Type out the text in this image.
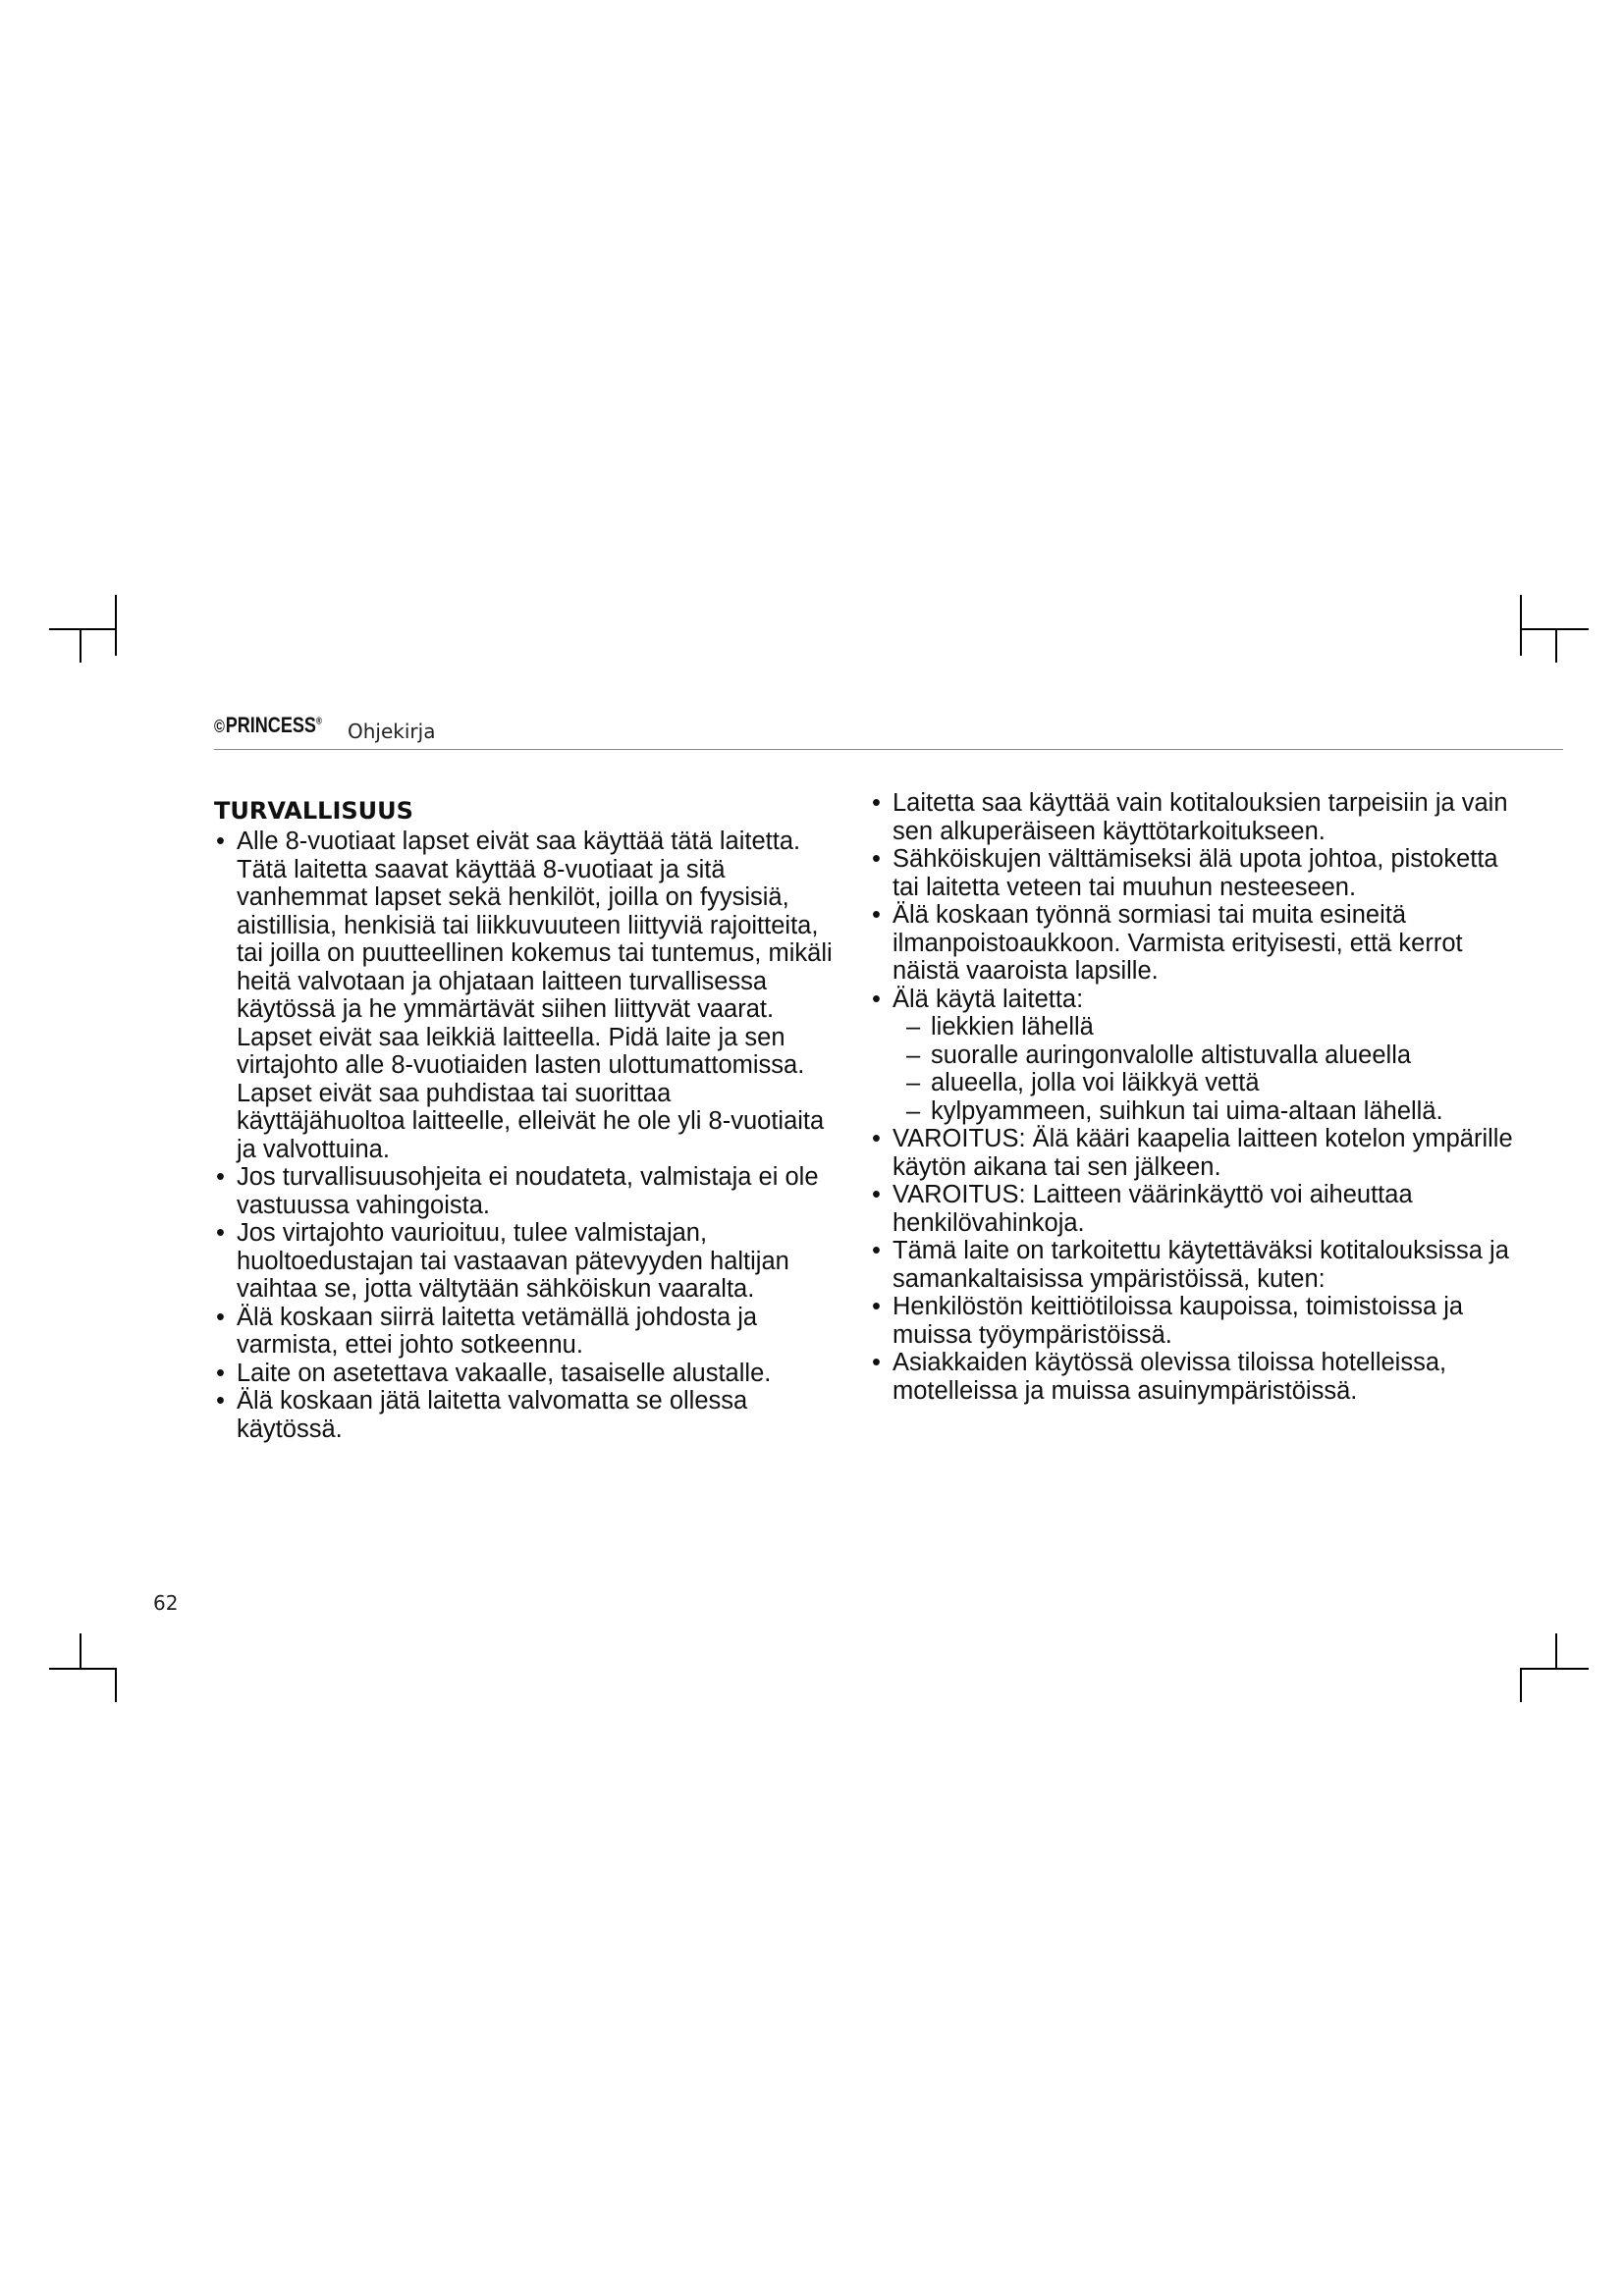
©PRINCESS® Ohjekirja
TURVALLISUUS
• Alle 8-vuotiaat lapset eivät saa käyttää tätä laitetta. Tätä laitetta saavat käyttää 8-vuotiaat ja sitä vanhemmat lapset sekä henkilöt, joilla on fyysisiä, aistillisia, henkisiä tai liikkuvuuteen liittyviä rajoitteita, tai joilla on puutteellinen kokemus tai tuntemus, mikäli heitä valvotaan ja ohjataan laitteen turvallisessa käytössä ja he ymmärtävät siihen liittyvät vaarat. Lapset eivät saa leikkiä laitteella. Pidä laite ja sen virtajohto alle 8-vuotiaiden lasten ulottumattomissa. Lapset eivät saa puhdistaa tai suorittaa käyttäjähuoltoa laitteelle, elleivät he ole yli 8-vuotiaita ja valvottuina.
• Jos turvallisuusohjeita ei noudateta, valmistaja ei ole vastuussa vahingoista.
• Jos virtajohto vaurioituu, tulee valmistajan, huoltoedustajan tai vastaavan pätevyyden haltijan vaihtaa se, jotta vältytään sähköiskun vaaralta.
• Älä koskaan siirrä laitetta vetämällä johdosta ja varmista, ettei johto sotkeennu.
• Laite on asetettava vakaalle, tasaiselle alustalle.
• Älä koskaan jätä laitetta valvomatta se ollessa käytössä.
• Laitetta saa käyttää vain kotitalouksien tarpeisiin ja vain sen alkuperäiseen käyttötarkoitukseen.
• Sähköiskujen välttämiseksi älä upota johtoa, pistoketta tai laitetta veteen tai muuhun nesteeseen.
• Älä koskaan työnnä sormiasi tai muita esineitä ilmanpoistoaukkoon. Varmista erityisesti, että kerrot näistä vaaroista lapsille.
• Älä käytä laitetta:
– liekkien lähellä
– suoralle auringonvalolle altistuvalla alueella
– alueella, jolla voi läikkyä vettä
– kylpyammeen, suihkun tai uima-altaan lähellä.
• VAROITUS: Älä kääri kaapelia laitteen kotelon ympärille käytön aikana tai sen jälkeen.
• VAROITUS: Laitteen väärinkäyttö voi aiheuttaa henkilövahinkoja.
• Tämä laite on tarkoitettu käytettäväksi kotitalouksissa ja samankaltaisissa ympäristöissä, kuten:
• Henkilöstön keittiötiloissa kaupoissa, toimistoissa ja muissa työympäristöissä.
• Asiakkaiden käytössä olevissa tiloissa hotelleissa, motelleissa ja muissa asuinympäristöissä.
62
